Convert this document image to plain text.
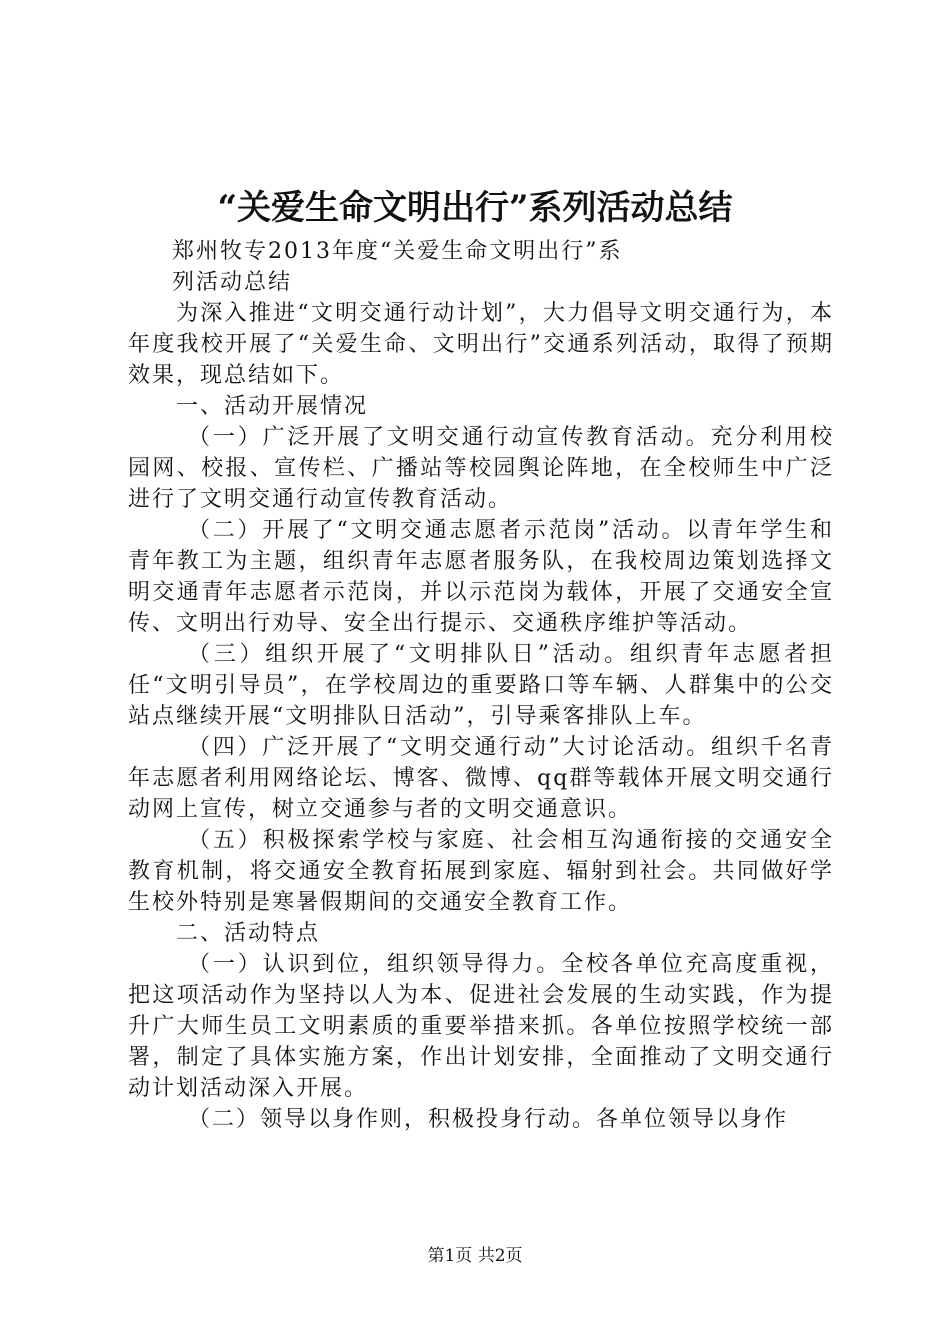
“关爱生命文明出行”系列活动总结

郑州牧专2013年度“关爱生命文明出行”系

列活动总结

为深入推进“文明交通行动计划”，大力倡导文明交通行为，本年度我校开展了“关爱生命、文明出行”交通系列活动，取得了预期效果，现总结如下。

一、活动开展情况

（一）广泛开展了文明交通行动宣传教育活动。充分利用校园网、校报、宣传栏、广播站等校园舆论阵地，在全校师生中广泛进行了文明交通行动宣传教育活动。

（二）开展了“文明交通志愿者示范岗”活动。以青年学生和青年教工为主题，组织青年志愿者服务队，在我校周边策划选择文明交通青年志愿者示范岗，并以示范岗为载体，开展了交通安全宣传、文明出行劝导、安全出行提示、交通秩序维护等活动。

（三）组织开展了“文明排队日”活动。组织青年志愿者担任“文明引导员”，在学校周边的重要路口等车辆、人群集中的公交站点继续开展“文明排队日活动”，引导乘客排队上车。

（四）广泛开展了“文明交通行动”大讨论活动。组织千名青年志愿者利用网络论坛、博客、微博、qq群等载体开展文明交通行动网上宣传，树立交通参与者的文明交通意识。

（五）积极探索学校与家庭、社会相互沟通衔接的交通安全教育机制，将交通安全教育拓展到家庭、辐射到社会。共同做好学生校外特别是寒暑假期间的交通安全教育工作。

二、活动特点

（一）认识到位，组织领导得力。全校各单位充高度重视，把这项活动作为坚持以人为本、促进社会发展的生动实践，作为提升广大师生员工文明素质的重要举措来抓。各单位按照学校统一部署，制定了具体实施方案，作出计划安排，全面推动了文明交通行动计划活动深入开展。

（二）领导以身作则，积极投身行动。各单位领导以身作

第1页 共2页
